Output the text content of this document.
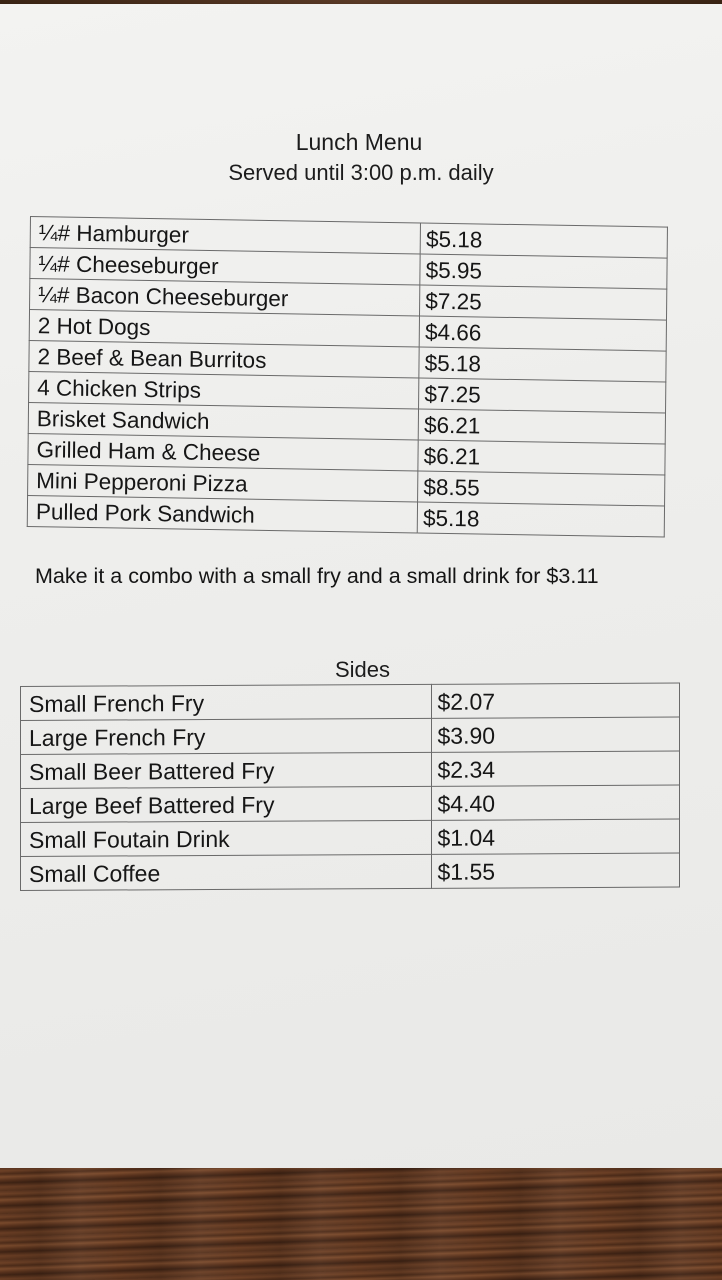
Lunch Menu
Served until 3:00 p.m. daily
¼# Hamburger	$5.18
¼# Cheeseburger	$5.95
¼# Bacon Cheeseburger	$7.25
2 Hot Dogs	$4.66
2 Beef & Bean Burritos	$5.18
4 Chicken Strips	$7.25
Brisket Sandwich	$6.21
Grilled Ham & Cheese	$6.21
Mini Pepperoni Pizza	$8.55
Pulled Pork Sandwich	$5.18
Make it a combo with a small fry and a small drink for $3.11
Sides
Small French Fry	$2.07
Large French Fry	$3.90
Small Beer Battered Fry	$2.34
Large Beef Battered Fry	$4.40
Small Foutain Drink	$1.04
Small Coffee	$1.55
